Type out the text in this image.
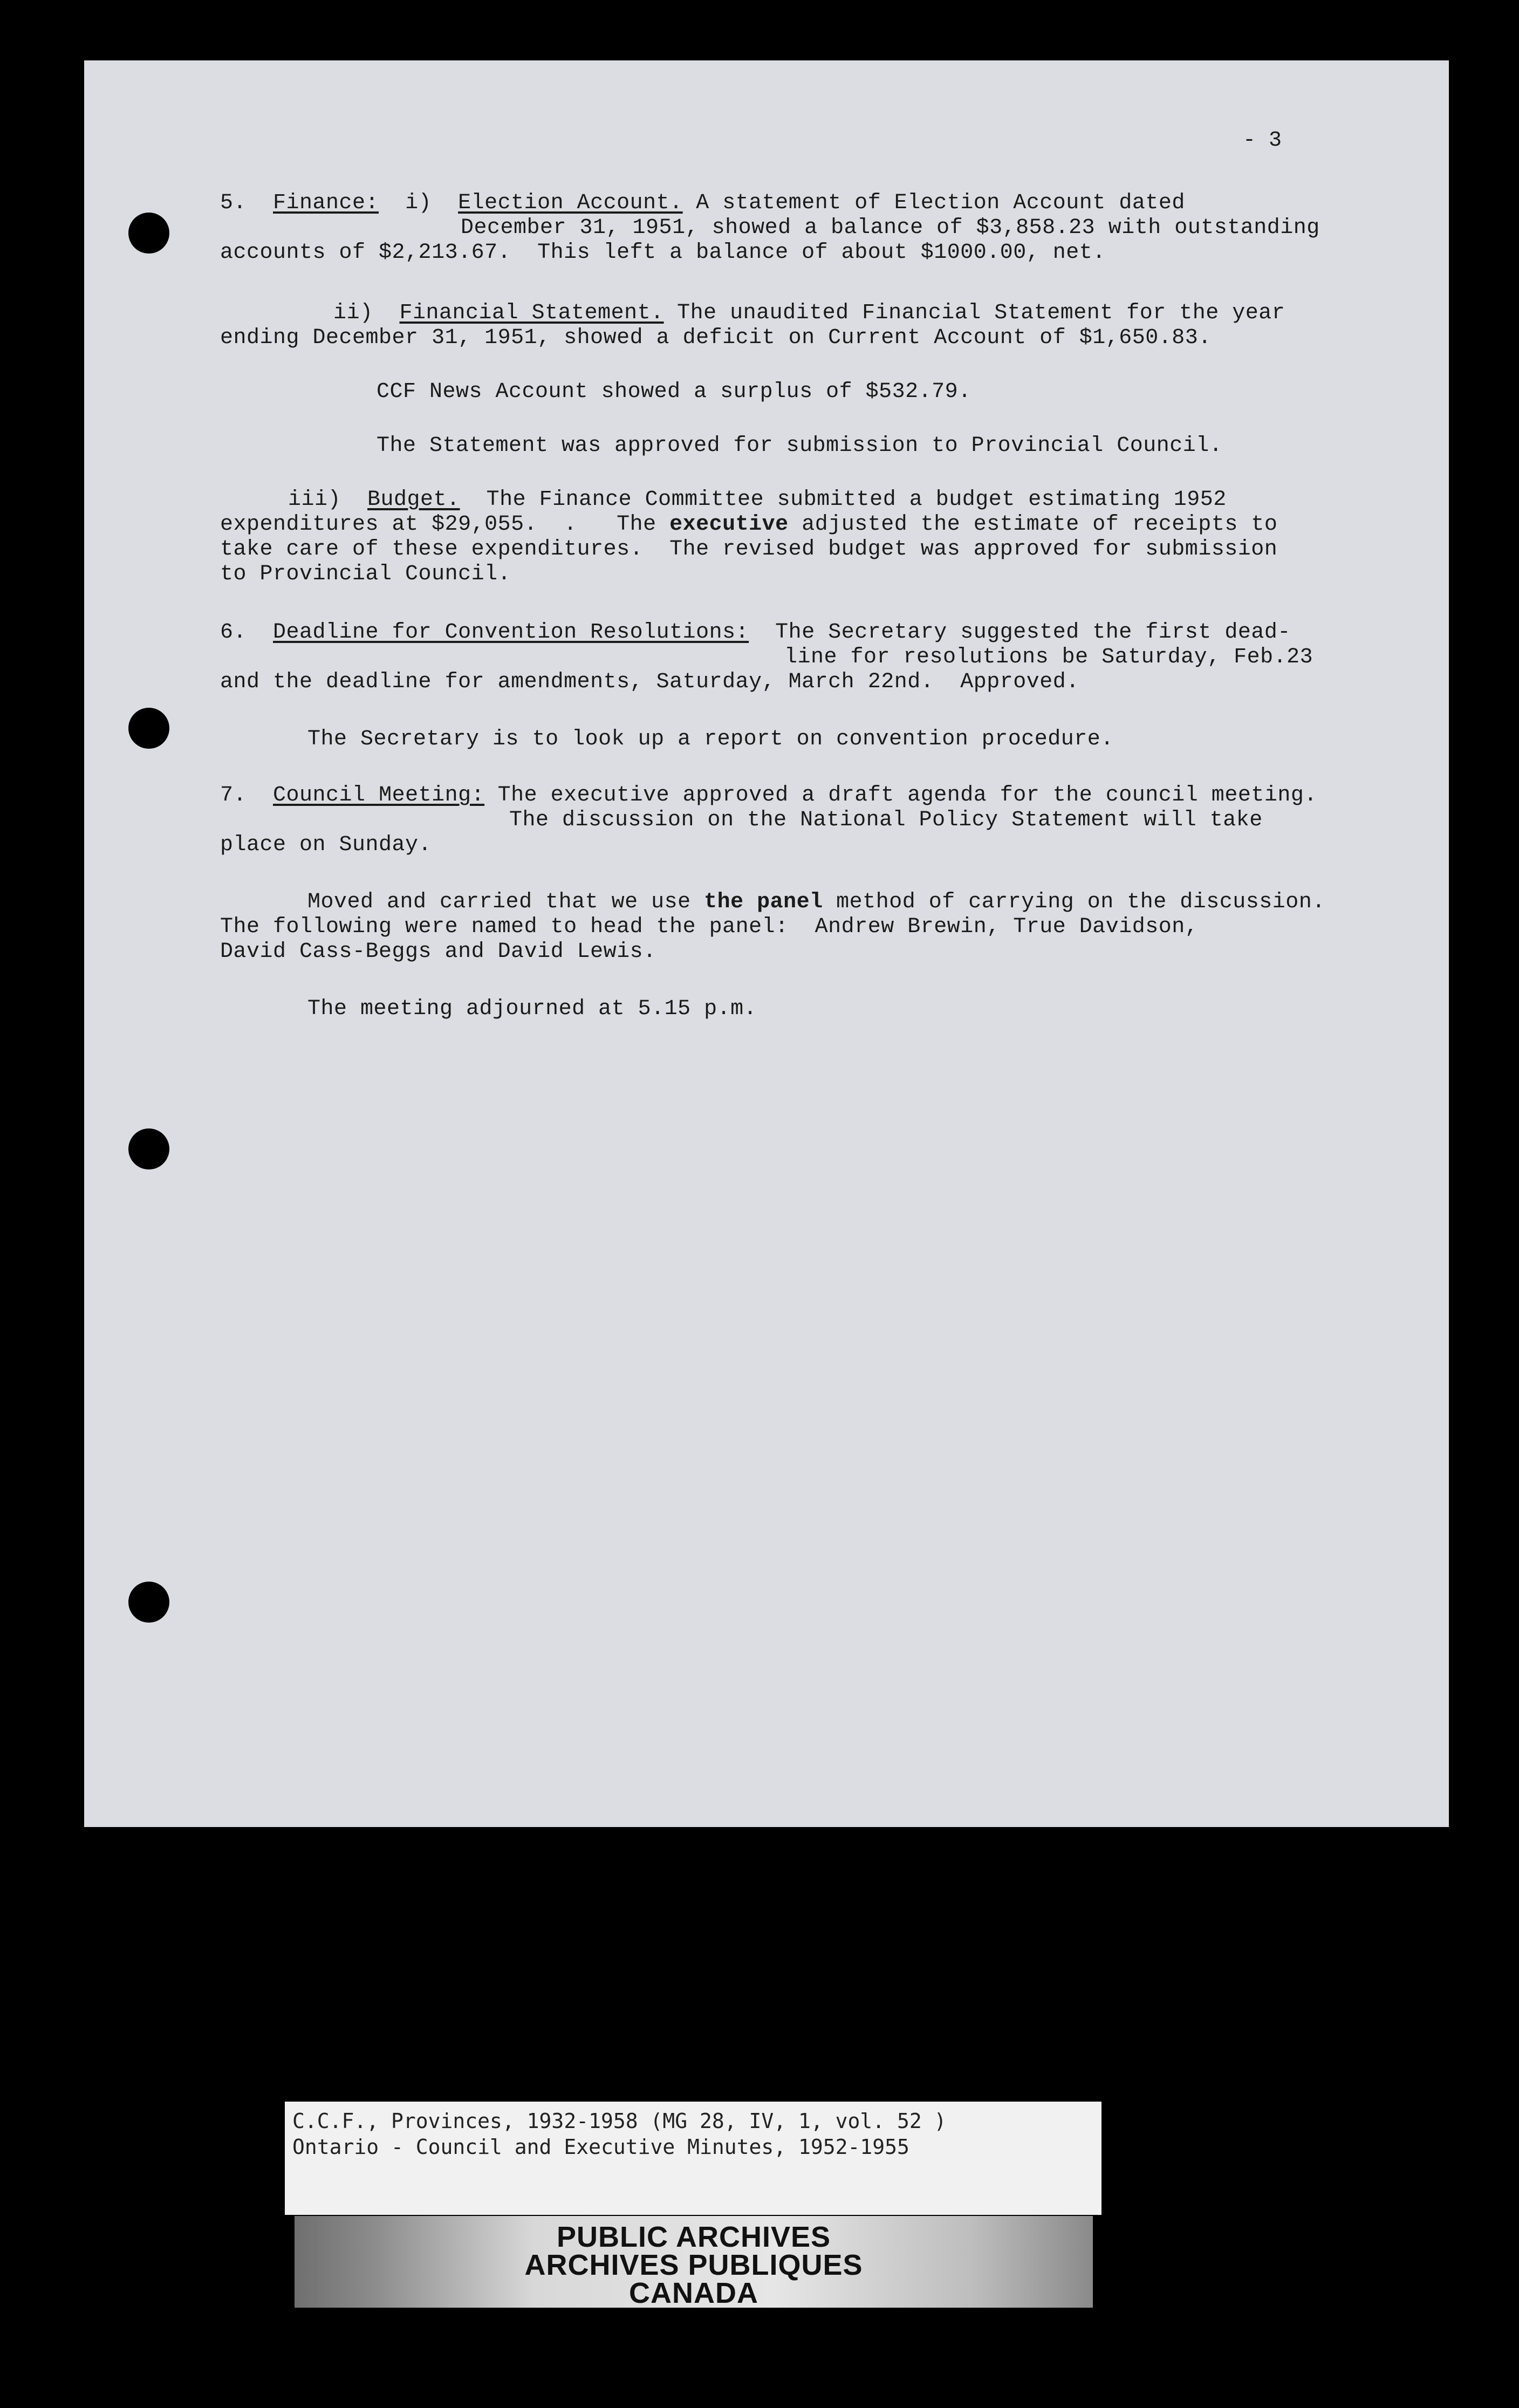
- 3
5. Finance: i) Election Account. A statement of Election Account dated
December 31, 1951, showed a balance of $3,858.23 with outstanding
accounts of $2,213.67.  This left a balance of about $1000.00, net.
ii) Financial Statement. The unaudited Financial Statement for the year
ending December 31, 1951, showed a deficit on Current Account of $1,650.83.
CCF News Account showed a surplus of $532.79.
The Statement was approved for submission to Provincial Council.
iii) Budget.  The Finance Committee submitted a budget estimating 1952
expenditures at $29,055.  .   The executive adjusted the estimate of receipts to
take care of these expenditures.  The revised budget was approved for submission
to Provincial Council.
6. Deadline for Convention Resolutions:  The Secretary suggested the first dead-
line for resolutions be Saturday, Feb.23
and the deadline for amendments, Saturday, March 22nd.  Approved.
The Secretary is to look up a report on convention procedure.
7. Council Meeting: The executive approved a draft agenda for the council meeting.
The discussion on the National Policy Statement will take
place on Sunday.
Moved and carried that we use the panel method of carrying on the discussion.
The following were named to head the panel:  Andrew Brewin, True Davidson,
David Cass-Beggs and David Lewis.
The meeting adjourned at 5.15 p.m.
C.C.F., Provinces, 1932-1958 (MG 28, IV, 1, vol. 52 )
Ontario - Council and Executive Minutes, 1952-1955
PUBLIC ARCHIVES
ARCHIVES PUBLIQUES
CANADA
